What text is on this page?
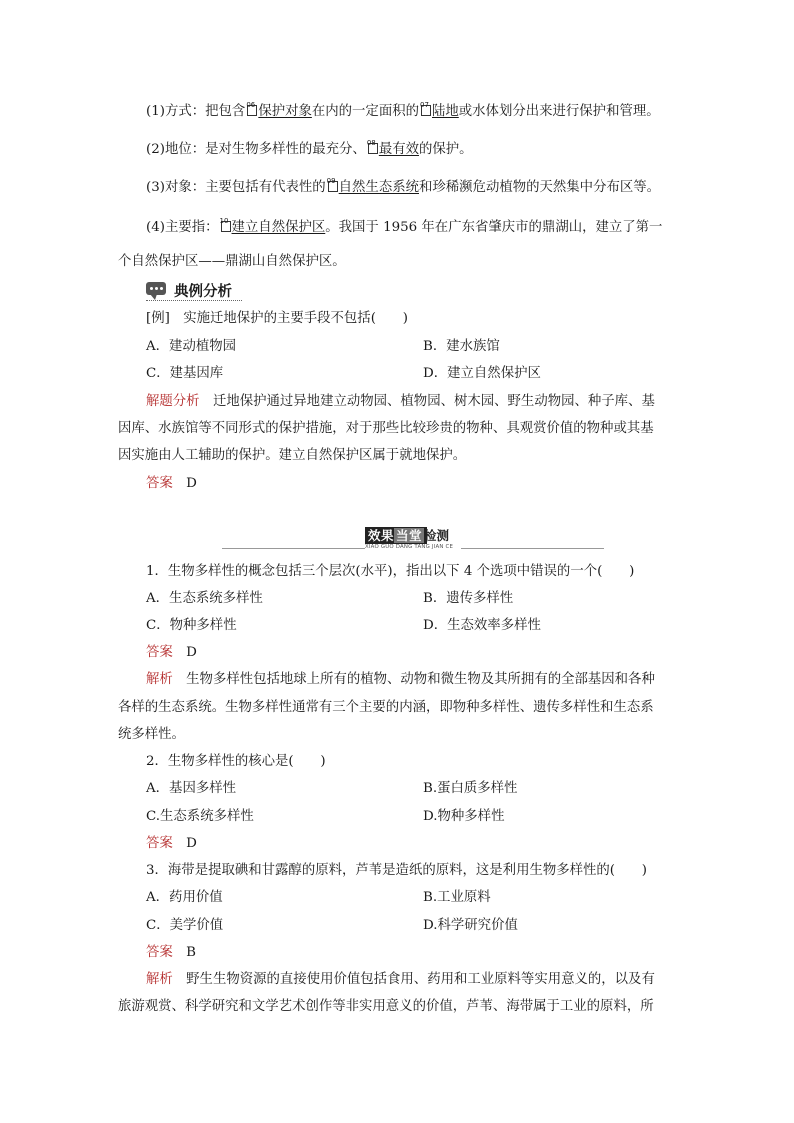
(1)方式：把包含 06 保护对象在内的一定面积的 07 陆地或水体划分出来进行保护和管理。
(2)地位：是对生物多样性的最充分、 08 最有效的保护。
(3)对象：主要包括有代表性的 09 自然生态系统和珍稀濒危动植物的天然集中分布区等。
(4)主要指： 10 建立自然保护区。我国于 1956 年在广东省肇庆市的鼎湖山，建立了第一
个自然保护区——鼎湖山自然保护区。
典例分析
[例]　实施迁地保护的主要手段不包括(　　)
A．建动植物园	B．建水族馆
C．建基因库	D．建立自然保护区
解题分析　 迁地保护通过异地建立动物园、植物园、树木园、野生动物园、种子库、基
因库、水族馆等不同形式的保护措施，对于那些比较珍贵的物种、具观赏价值的物种或其基
因实施由人工辅助的保护。建立自然保护区属于就地保护。
答案　 D
效果 当堂 检测
XIAO GUO DANG TANG JIAN CE
1．生物多样性的概念包括三个层次(水平)，指出以下 4 个选项中错误的一个(　　)
A．生态系统多样性	B．遗传多样性
C．物种多样性	D．生态效率多样性
答案　 D
解析　 生物多样性包括地球上所有的植物、动物和微生物及其所拥有的全部基因和各种
各样的生态系统。生物多样性通常有三个主要的内涵，即物种多样性、遗传多样性和生态系
统多样性。
2．生物多样性的核心是(　　)
A．基因多样性	B.蛋白质多样性
C.生态系统多样性	D.物种多样性
答案　 D
3．海带是提取碘和甘露醇的原料，芦苇是造纸的原料，这是利用生物多样性的(　　)
A．药用价值	B.工业原料
C．美学价值	D.科学研究价值
答案　 B
解析　 野生生物资源的直接使用价值包括食用、药用和工业原料等实用意义的，以及有
旅游观赏、科学研究和文学艺术创作等非实用意义的价值，芦苇、海带属于工业的原料，所
